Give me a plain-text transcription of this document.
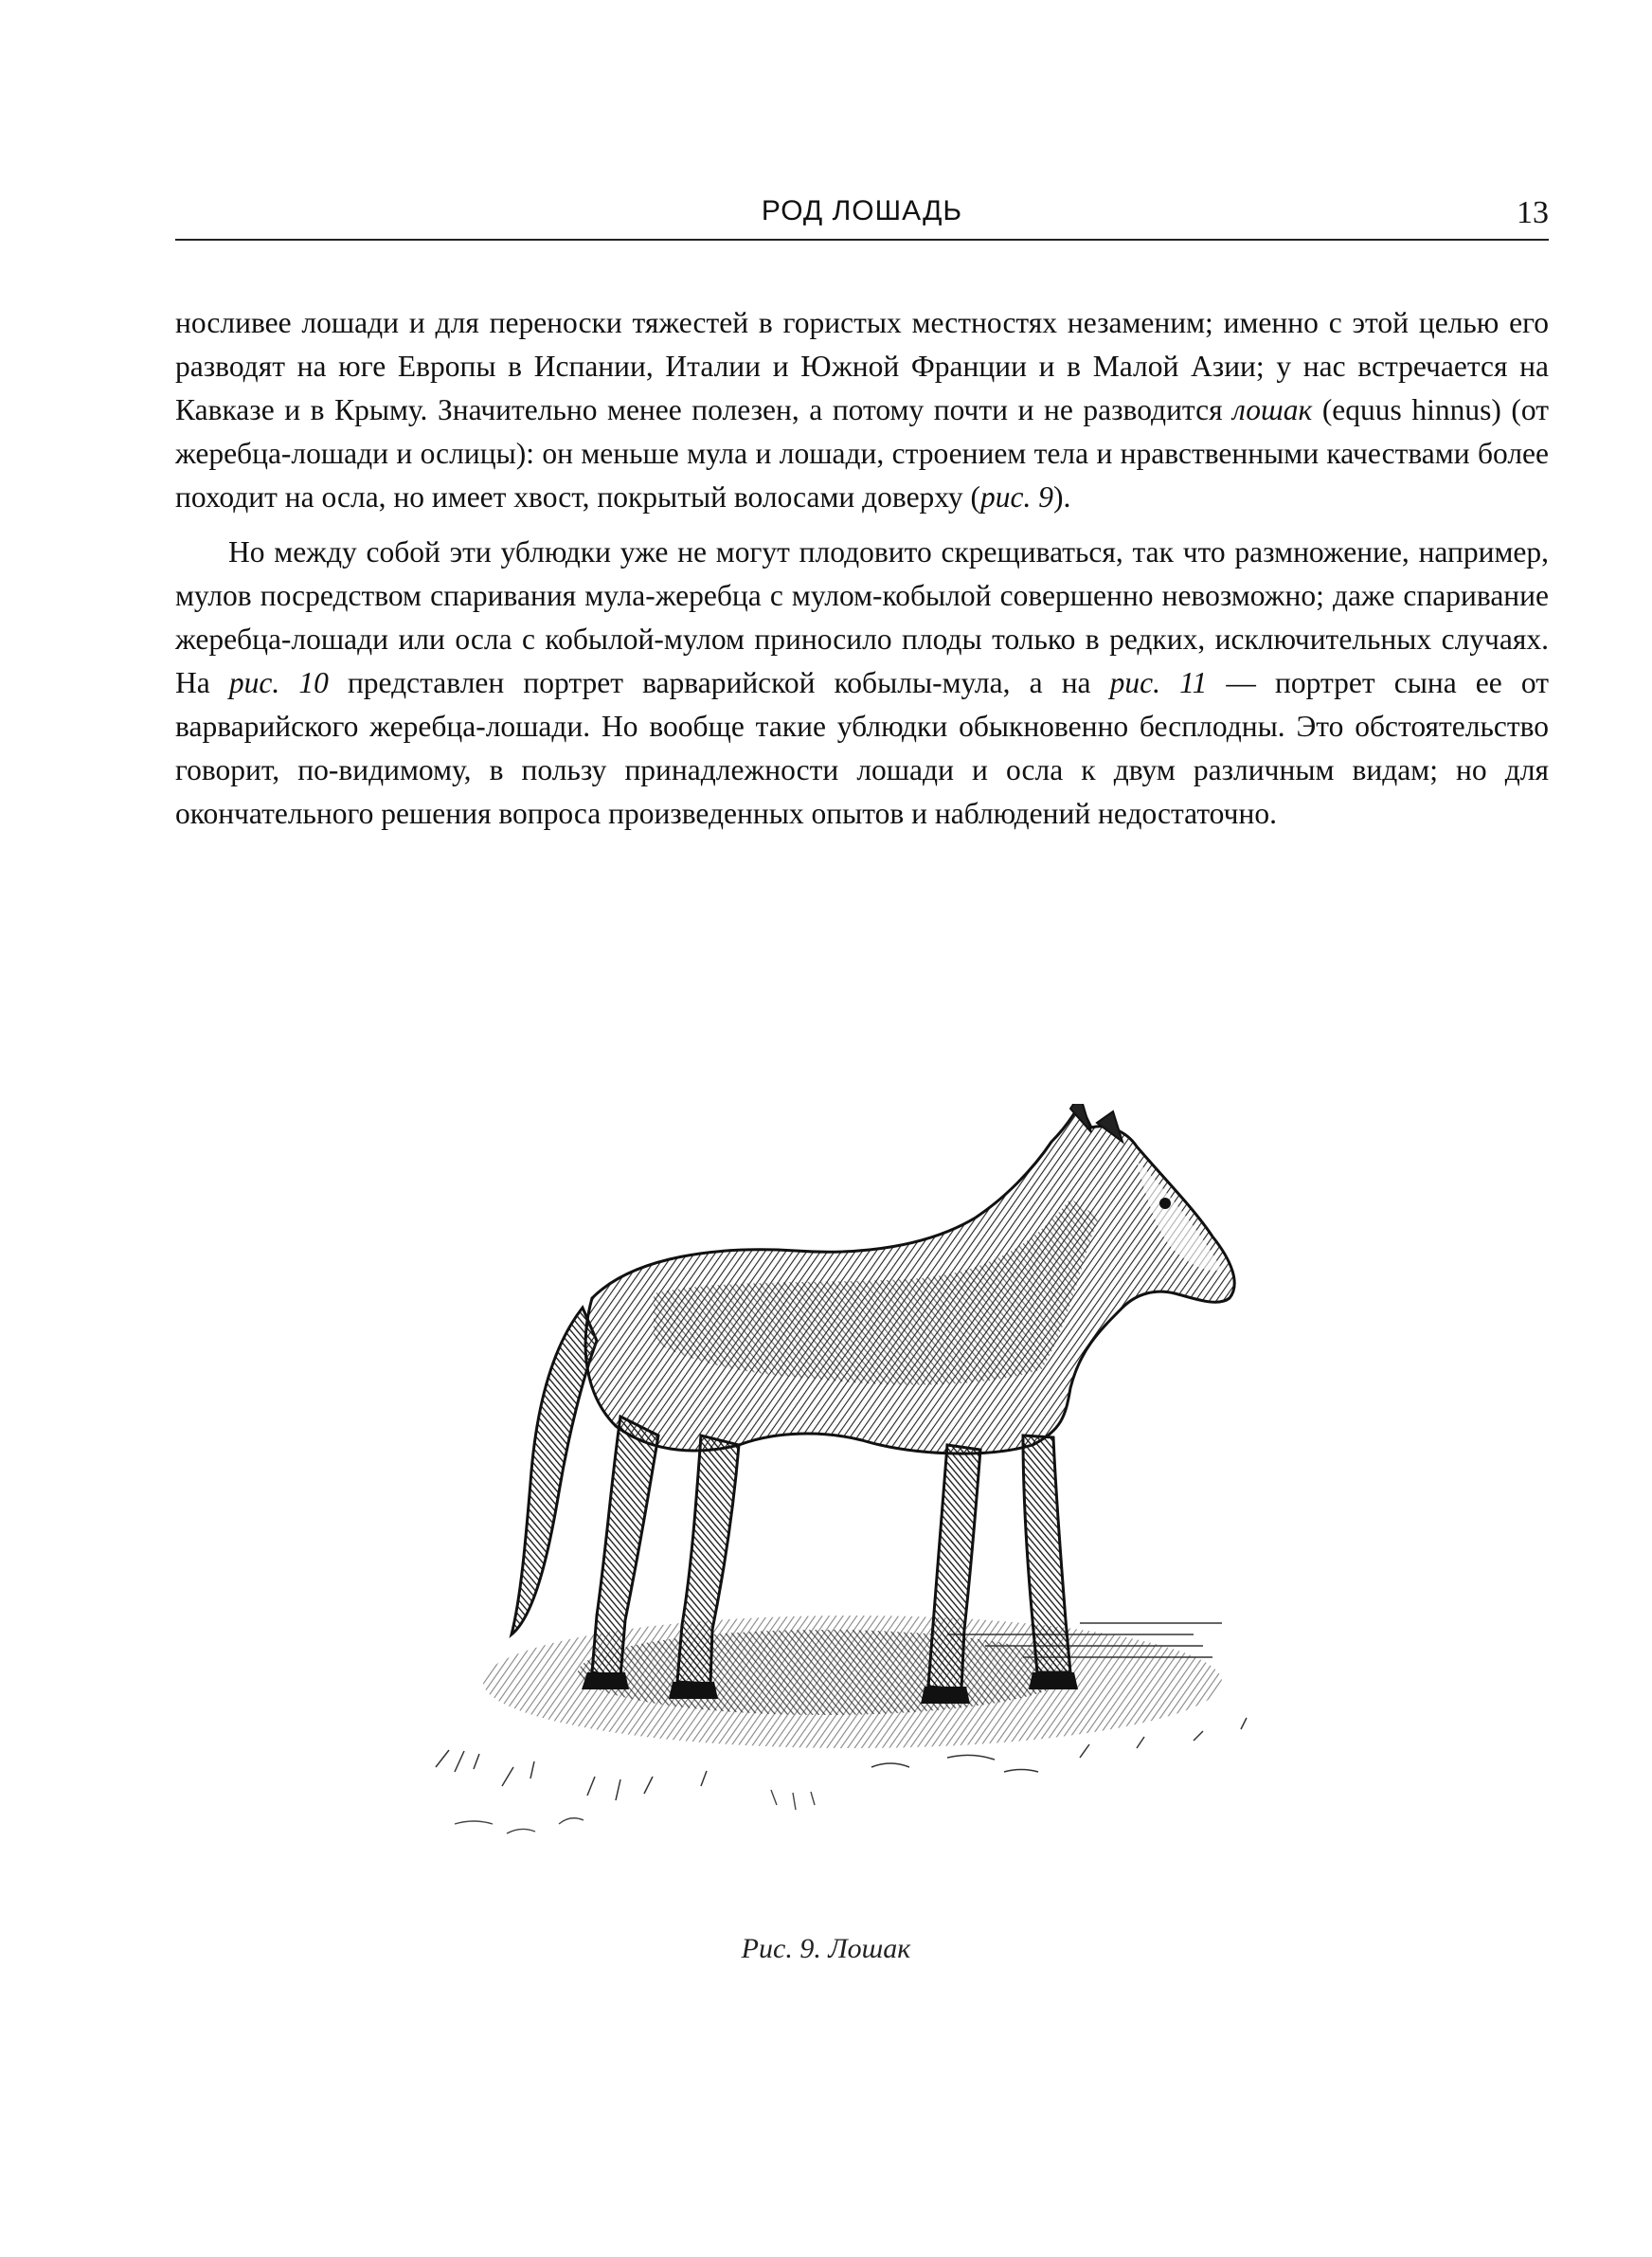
РОД ЛОШАДЬ	13

носливее лошади и для переноски тяжестей в гористых местностях незаменим; именно с этой целью его разводят на юге Европы в Испании, Италии и Южной Франции и в Малой Азии; у нас встречается на Кавказе и в Крыму. Значительно менее полезен, а потому почти и не разводится лошак (equus hinnus) (от жеребца-лошади и ослицы): он меньше мула и лошади, строением тела и нравственными качествами более походит на осла, но имеет хвост, покрытый волосами доверху (рис. 9).

Но между собой эти ублюдки уже не могут плодовито скрещиваться, так что размножение, например, мулов посредством спаривания мула-жеребца с мулом-кобылой совершенно невозможно; даже спаривание жеребца-лошади или осла с кобылой-мулом приносило плоды только в редких, исключительных случаях. На рис. 10 представлен портрет варварийской кобылы-мула, а на рис. 11 — портрет сына ее от варварийского жеребца-лошади. Но вообще такие ублюдки обыкновенно бесплодны. Это обстоятельство говорит, по-видимому, в пользу принадлежности лошади и осла к двум различным видам; но для окончательного решения вопроса произведенных опытов и наблюдений недостаточно.

Рис. 9. Лошак
